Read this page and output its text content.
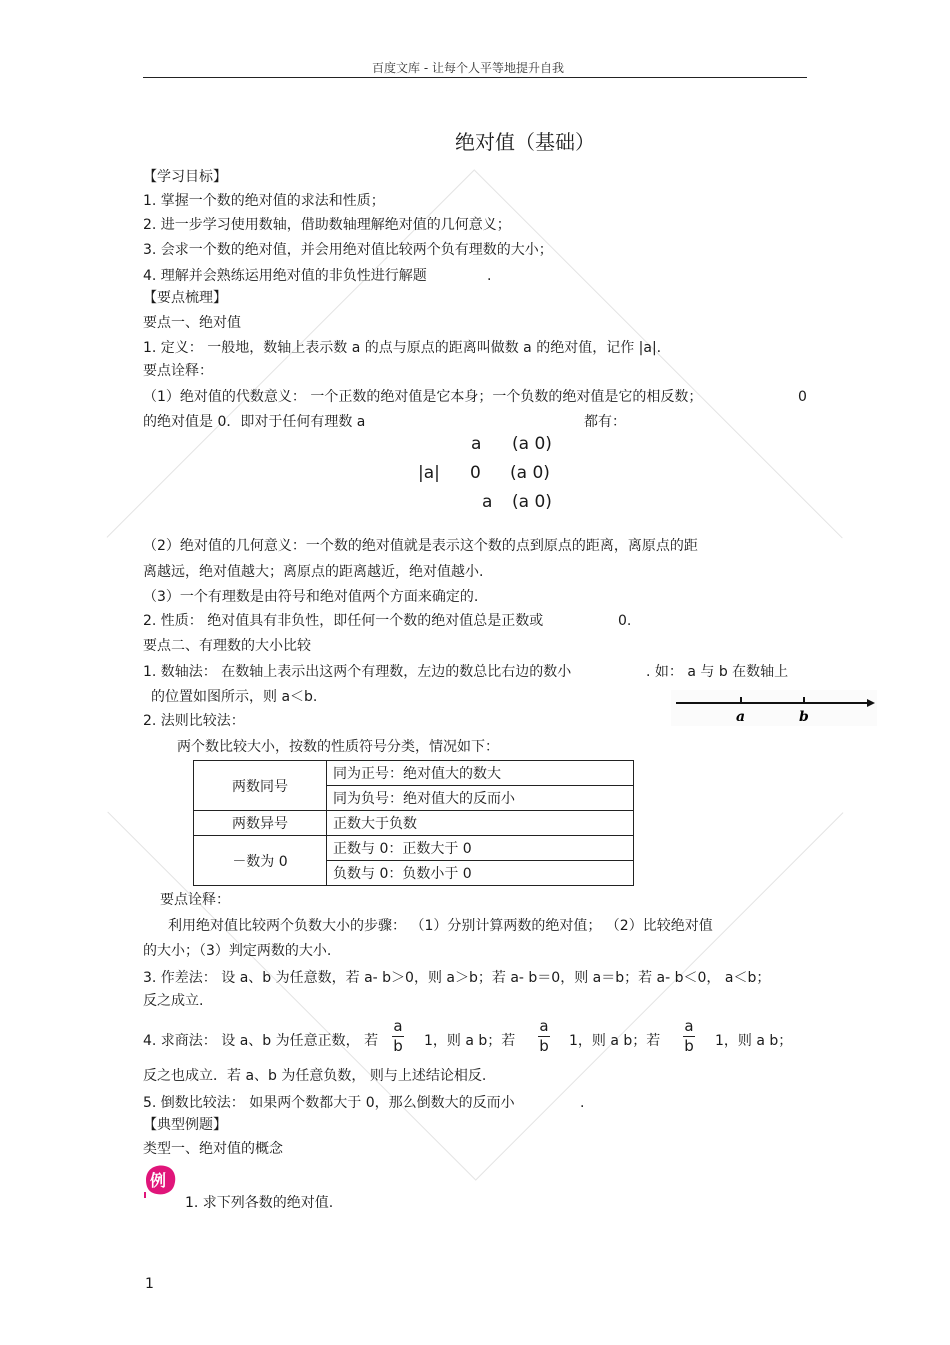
百度文库 - 让每个人平等地提升自我
绝对值（基础）
【学习目标】
1. 掌握一个数的绝对值的求法和性质；
2. 进一步学习使用数轴，借助数轴理解绝对值的几何意义；
3. 会求一个数的绝对值，并会用绝对值比较两个负有理数的大小；
4. 理解并会熟练运用绝对值的非负性进行解题	.
【要点梳理】
要点一、绝对值
1. 定义： 一般地，数轴上表示数 a 的点与原点的距离叫做数 a 的绝对值，记作 |a|.
要点诠释：
（1）绝对值的代数意义： 一个正数的绝对值是它本身；一个负数的绝对值是它的相反数；	0
的绝对值是 0．即对于任何有理数 a	都有：
|a|
a (a 0)
0 (a 0)
a (a 0)
（2）绝对值的几何意义：一个数的绝对值就是表示这个数的点到原点的距离，离原点的距
离越远，绝对值越大；离原点的距离越近，绝对值越小.
（3）一个有理数是由符号和绝对值两个方面来确定的.
2. 性质： 绝对值具有非负性，即任何一个数的绝对值总是正数或	0.
要点二、有理数的大小比较
1. 数轴法： 在数轴上表示出这两个有理数，左边的数总比右边的数小	. 如： a 与 b 在数轴上
的位置如图所示，则 a＜b.
a	b
2. 法则比较法：
两个数比较大小，按数的性质符号分类，情况如下：
两数同号	同为正号：绝对值大的数大
	同为负号：绝对值大的反而小
两数异号	正数大于负数
－数为 0	正数与 0：正数大于 0
	负数与 0：负数小于 0
要点诠释：
利用绝对值比较两个负数大小的步骤： （1）分别计算两数的绝对值； （2）比较绝对值
的大小；（3）判定两数的大小.
3. 作差法： 设 a、b 为任意数，若 a- b＞0，则 a＞b；若 a- b＝0，则 a＝b；若 a- b＜0， a＜b；
反之成立.
4. 求商法： 设 a、b 为任意正数， 若
a
b 1，则 a b；若
a
b 1，则 a b；若
a
b 1，则 a b；
反之也成立．若 a、b 为任意负数， 则与上述结论相反.
5. 倒数比较法： 如果两个数都大于 0，那么倒数大的反而小	.
【典型例题】
类型一、绝对值的概念
例
1. 求下列各数的绝对值.
1
